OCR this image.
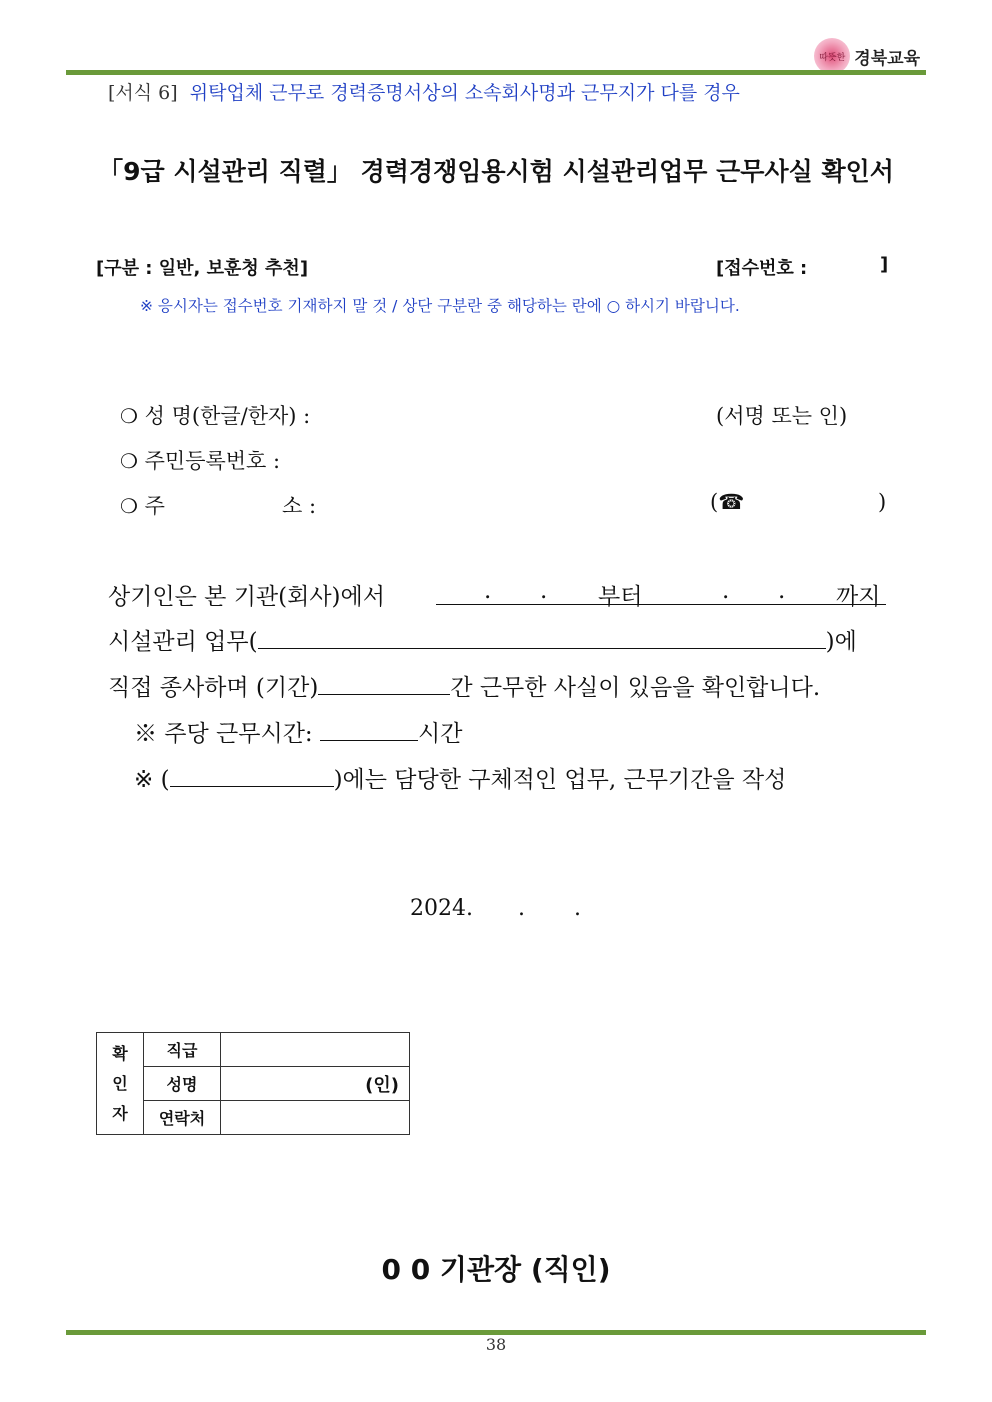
따뜻한 경북교육
[서식 6] 위탁업체 근무로 경력증명서상의 소속회사명과 근무지가 다를 경우
「9급 시설관리 직렬」 경력경쟁임용시험 시설관리업무 근무사실 확인서
[구분 : 일반, 보훈청 추천]	[접수번호 :	]
※ 응시자는 접수번호 기재하지 말 것 / 상단 구분란 중 해당하는 란에 ○ 하시기 바랍니다.
❍ 성 명(한글/한자) :	(서명 또는 인)
❍ 주민등록번호 :
❍ 주	소 :	(☎	)
상기인은 본 기관(회사)에서	. . 부터	. . 까지
시설관리 업무(	)에
직접 종사하며 (기간)	간 근무한 사실이 있음을 확인합니다.
※ 주당 근무시간:	시간
※ (	)에는 담당한 구체적인 업무, 근무기간을 작성
2024. . .
확
인
자	직급	
	성명	(인)
	연락처	
0 0 기관장 (직인)
38
